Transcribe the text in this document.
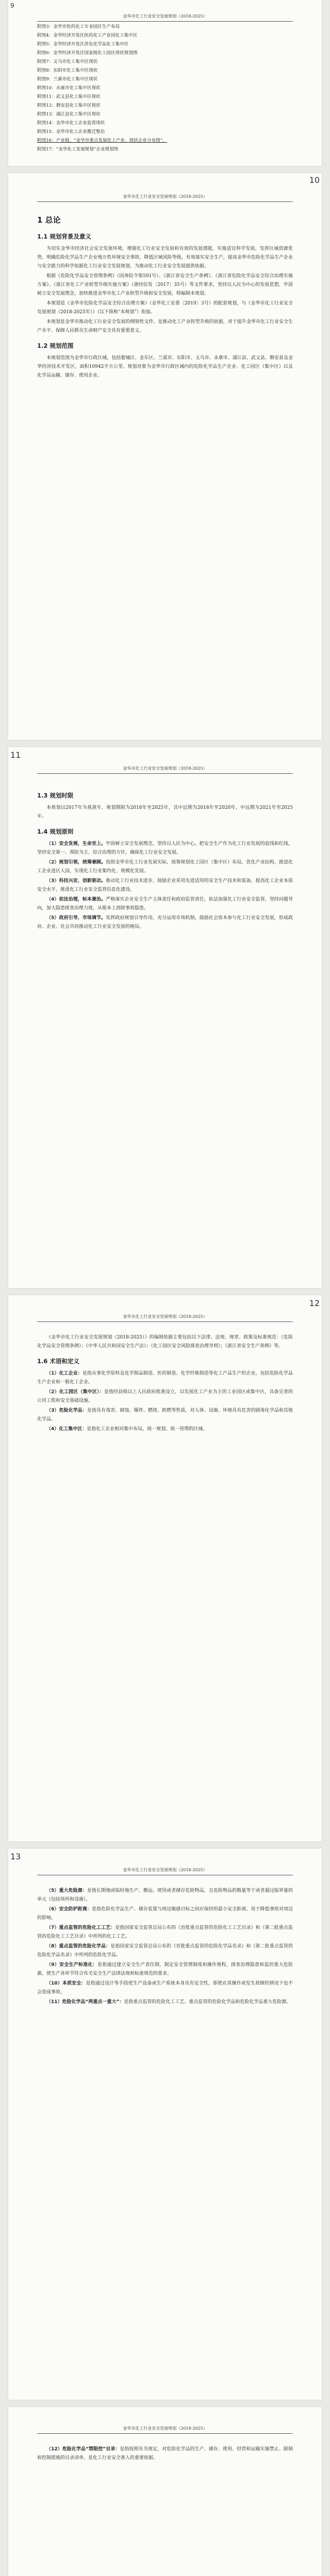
9
金华市化工行业安全发展规划（2018-2025）

附图3：金华市医药化工专业园区生产布局

附图4：金华经济开发区医药化工产业园化工集中区

附图5：金华经济开发区涉危化学品化工集中区

附图6：金华经济开发区国家级化工园区现状规划图

附图7：义乌市化工集中区现状

附图8：东阳市化工集中区现状

附图9：兰溪市化工集中区现状

附图10：永康市化工集中区现状

附图11：武义县化工集中区现状

附图12：磐安县化工集中区现状

附图13：浦江县化工集中区现状

附图14：金华市化工企业监管现状

附图15：金华市化工企业搬迁整治

附图16：产业链、“金华市重点发展化工产业、现状企业分布图”，

附图17：“金华化工发展规划”企业规划图

10
金华市化工行业安全发展规划（2018-2025）
1 总论
1.1 规划背景及意义

为切实金华市经济社会安全发展环境，增强化工行业安全发展和有效的发展潜能，实施适宜科学发展，发挥区域资源优势，明确危险化学品生产企业地方性环境安全事故，降低区域风险等级，有效落实安全生产，提高金华市危险化学品生产企业与安全能力的科学依据化工行业安全发展规划，为推动化工行业安全发展提供依据。

根据《危险化学品安全管理条例》（国务院令第591号）、《浙江省安全生产条例》、《浙江省危险化学品安全综合治理实施方案》、《浙江省化工产业转型升级实施方案》（浙经信发〔2017〕35号）等文件要求，坚持以人民为中心的发展思想，牢固树立安全发展理念，加快推进金华市化工产业转型升级和安全发展，特编制本规划。

本规划是《金华市危险化学品安全综合治理方案》（金华化工安委〔2019〕3号）的配套规划，与《金华市化工行业安全发展规划（2018-2025年）》（以下简称“本规划”）衔接。

本规划是金华市推动化工行业安全发展的纲领性文件，是推动化工产业转型升级的依据，对于提升金华市化工行业安全生产水平、保障人民群众生命财产安全具有重要意义。

1.2 规划范围

本规划范围为金华市行政区域，包括婺城区、金东区、兰溪市、东阳市、义乌市、永康市、浦江县、武义县、磐安县及金华经济技术开发区，面积10942平方公里。规划对象为金华市行政区域内的危险化学品生产企业、化工园区（集中区）以及化学品运输、储存、使用企业。

11
金华市化工行业安全发展规划（2018-2025）
1.3 规划时限

本规划以2017年为基准年，规划期限为2018年至2025年，其中近期为2018年至2020年，中远期为2021年至2025年。

1.4 规划原则

（1）安全发展，生命至上。牢固树立安全发展理念，坚持以人民为中心，把安全生产作为化工行业发展的底线和红线，坚持安全第一、预防为主、综合治理的方针，确保化工行业安全发展。

（2）规划引领，统筹兼顾。按照金华市化工行业发展实际，统筹规划化工园区（集中区）布局，优化产业结构，推进化工企业进区入园，实现化工行业集约化、规模化发展。

（3）科技兴安，创新驱动。推动化工行业技术进步，鼓励企业采用先进适用的安全生产技术和装备，提高化工企业本质安全水平，推进化工行业安全监管信息化建设。

（4）依法治理，标本兼治。严格落实企业安全生产主体责任和政府监管责任，依法加强化工行业安全监管，坚持问题导向，加大隐患排查治理力度，从根本上消除事故隐患。

（5）政府引导，市场调节。发挥政府规划引导作用，充分运用市场机制，鼓励社会资本参与化工行业安全发展，形成政府、企业、社会共同推动化工行业安全发展的格局。

12
金华市化工行业安全发展规划（2018-2025）

《金华市化工行业安全发展规划（2018-2025）》的编制依据主要包括以下法律、法规、规章、政策及标准规范：《危险化学品安全管理条例》；《中华人民共和国安全生产法》；《化工园区安全风险排查治理导则》；《浙江省安全生产条例》等。

1.6 术语和定义

（1）化工企业：是指从事化学原料及化学制品制造、医药制造、化学纤维制造等化工产品生产的企业，包括危险化学品生产企业和一般化工企业。

（2）化工园区（集中区）：是指经县级以上人民政府批准设立，以发展化工产业为主的工业园区或集中区，具备完善的公用工程和安全基础设施。

（3）危险化学品：是指具有毒害、腐蚀、爆炸、燃烧、助燃等性质，对人体、设施、环境具有危害的剧毒化学品和其他化学品。

（4）化工集中区：是指化工企业相对集中布局，统一规划、统一管理的区域。

13
金华市化工行业安全发展规划（2018-2025）

（5）重大危险源：是指长期地或临时地生产、搬运、使用或者储存危险物品，且危险物品的数量等于或者超过临界量的单元（包括场所和设施）。

（6）安全防护距离：是指危险化学品生产、储存装置与周边敏感目标之间应保持的最小安全距离，用于降低事故对周边的影响。

（7）重点监管的危险化工工艺：是指国家安全监管总局公布的《首批重点监管的危险化工工艺目录》和《第二批重点监管的危险化工工艺目录》中所列的化工工艺。

（8）重点监管的危险化学品：是指国家安全监管总局公布的《首批重点监管的危险化学品名录》和《第二批重点监管的危险化学品名录》中所列的危险化学品。

（9）安全生产标准化：是指通过建立安全生产责任制，制定安全管理制度和操作规程，排查治理隐患和监控重大危险源，使生产各环节符合有关安全生产法律法规和标准规范的要求。

（10）本质安全：是指通过设计等手段使生产设备或生产系统本身具有安全性，即使在误操作或发生故障的情况下也不会造成事故。

（11）危险化学品“两重点一重大”：是指重点监管的危险化工工艺、重点监管的危险化学品和危险化学品重大危险源。

金华市化工行业安全发展规划（2018-2025）

（12）危险化学品“禁限控”目录：是指按照有关规定，对危险化学品的生产、储存、使用、经营和运输实施禁止、限制和控制措施的目录清单，是化工行业安全准入的重要依据。
